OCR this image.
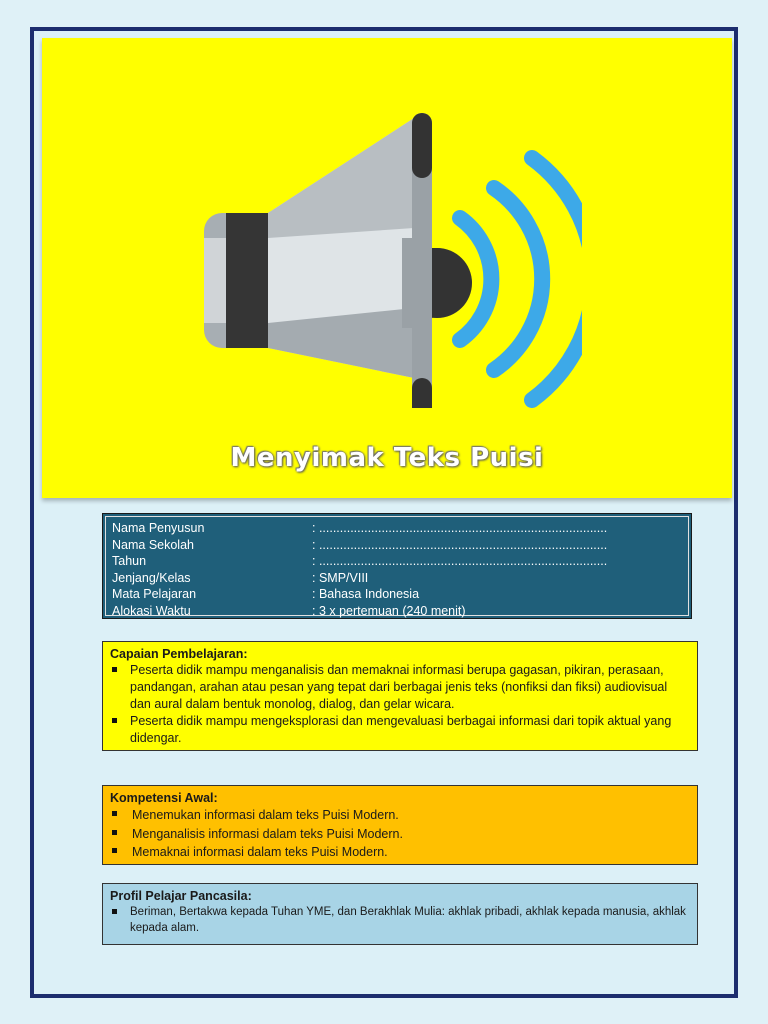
Menyimak Teks Puisi
Nama Penyusun	: ...................................................................................
Nama Sekolah	: ...................................................................................
Tahun	: ...................................................................................
Jenjang/Kelas	: SMP/VIII
Mata Pelajaran	: Bahasa Indonesia
Alokasi Waktu	: 3 x pertemuan (240 menit)
Capaian Pembelajaran:
Peserta didik mampu menganalisis dan memaknai informasi berupa gagasan, pikiran, perasaan, pandangan, arahan atau pesan yang tepat dari berbagai jenis teks (nonfiksi dan fiksi) audiovisual dan aural dalam bentuk monolog, dialog, dan gelar wicara.
Peserta didik mampu mengeksplorasi dan mengevaluasi berbagai informasi dari topik aktual yang didengar.
Kompetensi Awal:
Menemukan informasi dalam teks Puisi Modern.
Menganalisis informasi dalam teks Puisi Modern.
Memaknai informasi dalam teks Puisi Modern.
Profil Pelajar Pancasila:
Beriman, Bertakwa kepada Tuhan YME, dan Berakhlak Mulia: akhlak pribadi, akhlak kepada manusia, akhlak kepada alam.
